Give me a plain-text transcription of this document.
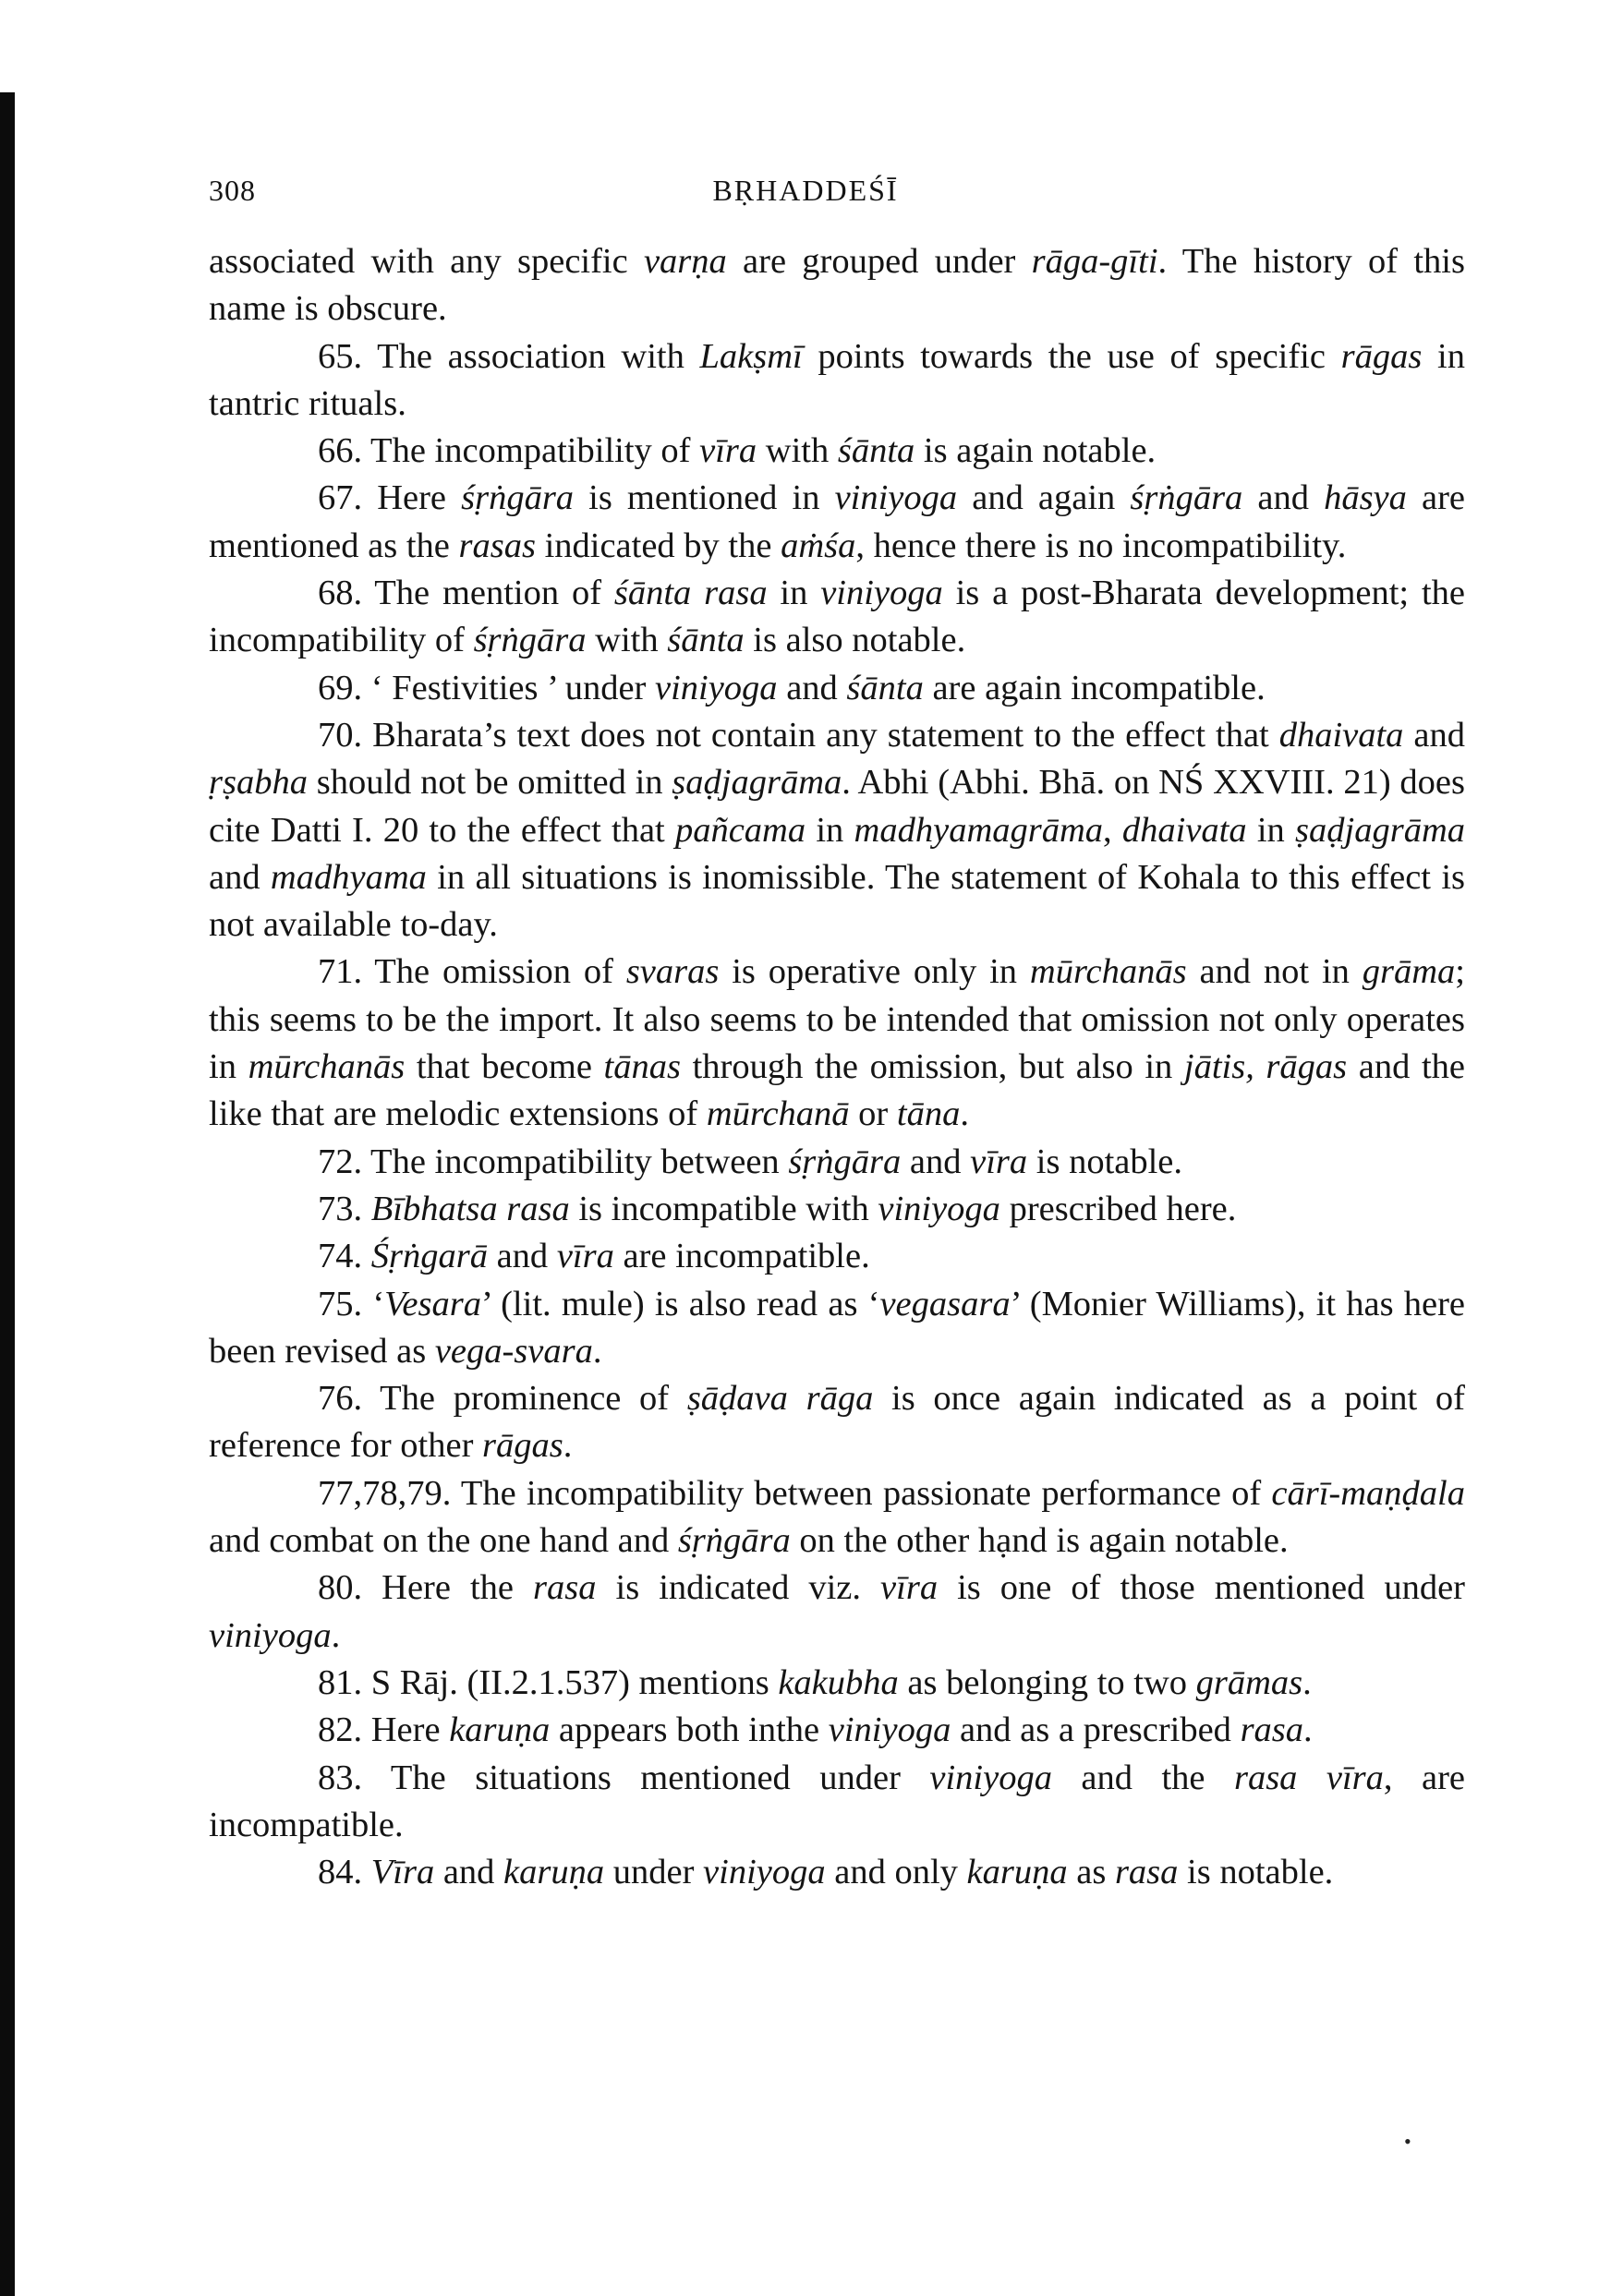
308	BṚHADDEŚĪ

associated with any specific varṇa are grouped under rāga-gīti. The history of this name is obscure.

65. The association with Lakṣmī points towards the use of specific rāgas in tantric rituals.

66. The incompatibility of vīra with śānta is again notable.

67. Here śṛṅgāra is mentioned in viniyoga and again śṛṅgāra and hāsya are mentioned as the rasas indicated by the aṁśa, hence there is no incompatibility.

68. The mention of śānta rasa in viniyoga is a post-Bharata development; the incompatibility of śṛṅgāra with śānta is also notable.

69. ‘ Festivities ’ under viniyoga and śānta are again incompatible.

70. Bharata’s text does not contain any statement to the effect that dhaivata and ṛṣabha should not be omitted in ṣaḍjagrāma. Abhi (Abhi. Bhā. on NŚ XXVIII. 21) does cite Datti I. 20 to the effect that pañcama in madhyamagrāma, dhaivata in ṣaḍjagrāma and madhyama in all situations is inomissible. The statement of Kohala to this effect is not available to-day.

71. The omission of svaras is operative only in mūrchanās and not in grāma; this seems to be the import. It also seems to be intended that omission not only operates in mūrchanās that become tānas through the omission, but also in jātis, rāgas and the like that are melodic extensions of mūrchanā or tāna.

72. The incompatibility between śṛṅgāra and vīra is notable.

73. Bībhatsa rasa is incompatible with viniyoga prescribed here.

74. Śṛṅgarā and vīra are incompatible.

75. ‘Vesara’ (lit. mule) is also read as ‘vegasara’ (Monier Williams), it has here been revised as vega-svara.

76. The prominence of ṣāḍava rāga is once again indicated as a point of reference for other rāgas.

77,78,79. The incompatibility between passionate performance of cārī-maṇḍala and combat on the one hand and śṛṅgāra on the other hạnd is again notable.

80. Here the rasa is indicated viz. vīra is one of those mentioned under viniyoga.

81. S Rāj. (II.2.1.537) mentions kakubha as belonging to two grāmas.

82. Here karuṇa appears both inthe viniyoga and as a prescribed rasa.

83. The situations mentioned under viniyoga and the rasa vīra, are incompatible.

84. Vīra and karuṇa under viniyoga and only karuṇa as rasa is notable.

•
